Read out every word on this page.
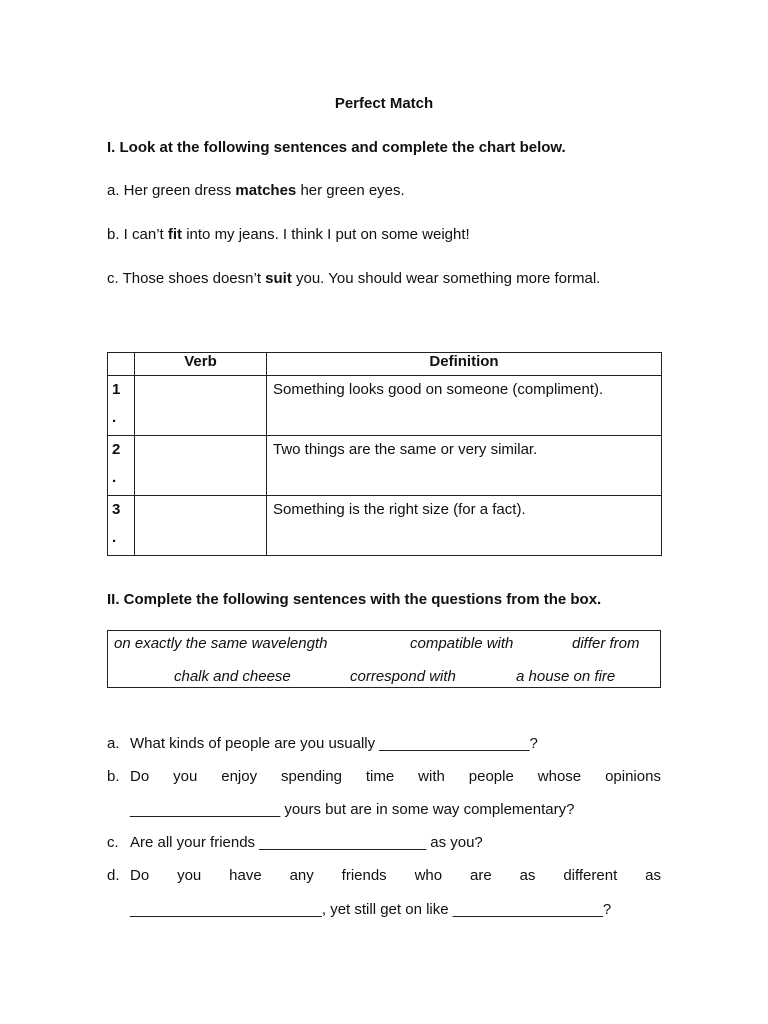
Perfect Match
I. Look at the following sentences and complete the chart below.
a. Her green dress matches her green eyes.
b. I can’t fit into my jeans. I think I put on some weight!
c. Those shoes doesn’t suit you. You should wear something more formal.
	Verb	Definition

1
.		Something looks good on someone (compliment).

2
.		Two things are the same or very similar.

3
.		Something is the right size (for a fact).
II. Complete the following sentences with the questions from the box.
on exactly the same wavelength	compatible with	differ from
chalk and cheese	correspond with	a house on fire
a. What kinds of people are you usually __________________?
b. Do you enjoy spending time with people whose opinions
__________________ yours but are in some way complementary?
c. Are all your friends ____________________ as you?
d. Do you have any friends who are as different as
_______________________, yet still get on like __________________?
